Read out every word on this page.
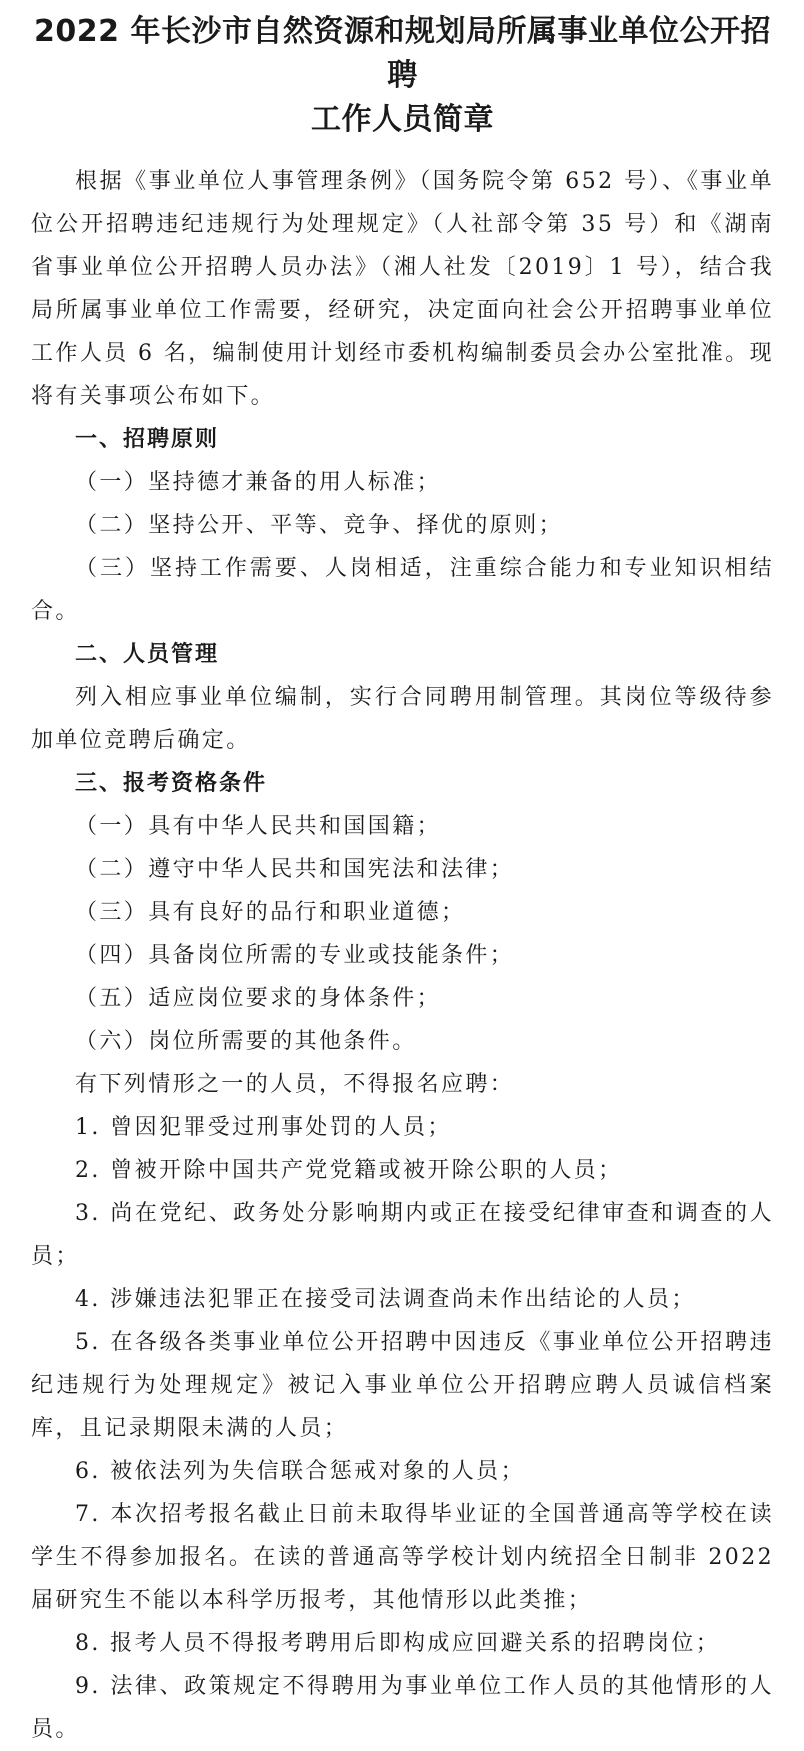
2022 年长沙市自然资源和规划局所属事业单位公开招聘
工作人员简章

根据《事业单位人事管理条例》（国务院令第 652 号）、《事业单位公开招聘违纪违规行为处理规定》（人社部令第 35 号）和《湖南省事业单位公开招聘人员办法》（湘人社发〔2019〕1 号），结合我局所属事业单位工作需要，经研究，决定面向社会公开招聘事业单位工作人员 6 名，编制使用计划经市委机构编制委员会办公室批准。现将有关事项公布如下。

一、招聘原则

（一）坚持德才兼备的用人标准；

（二）坚持公开、平等、竞争、择优的原则；

（三）坚持工作需要、人岗相适，注重综合能力和专业知识相结合。

二、人员管理

列入相应事业单位编制，实行合同聘用制管理。其岗位等级待参加单位竞聘后确定。

三、报考资格条件

（一）具有中华人民共和国国籍；

（二）遵守中华人民共和国宪法和法律；

（三）具有良好的品行和职业道德；

（四）具备岗位所需的专业或技能条件；

（五）适应岗位要求的身体条件；

（六）岗位所需要的其他条件。

有下列情形之一的人员，不得报名应聘：

1. 曾因犯罪受过刑事处罚的人员；

2. 曾被开除中国共产党党籍或被开除公职的人员；

3. 尚在党纪、政务处分影响期内或正在接受纪律审查和调查的人员；

4. 涉嫌违法犯罪正在接受司法调查尚未作出结论的人员；

5. 在各级各类事业单位公开招聘中因违反《事业单位公开招聘违纪违规行为处理规定》被记入事业单位公开招聘应聘人员诚信档案库，且记录期限未满的人员；

6. 被依法列为失信联合惩戒对象的人员；

7. 本次招考报名截止日前未取得毕业证的全国普通高等学校在读学生不得参加报名。在读的普通高等学校计划内统招全日制非 2022 届研究生不能以本科学历报考，其他情形以此类推；

8. 报考人员不得报考聘用后即构成应回避关系的招聘岗位；

9. 法律、政策规定不得聘用为事业单位工作人员的其他情形的人员。
